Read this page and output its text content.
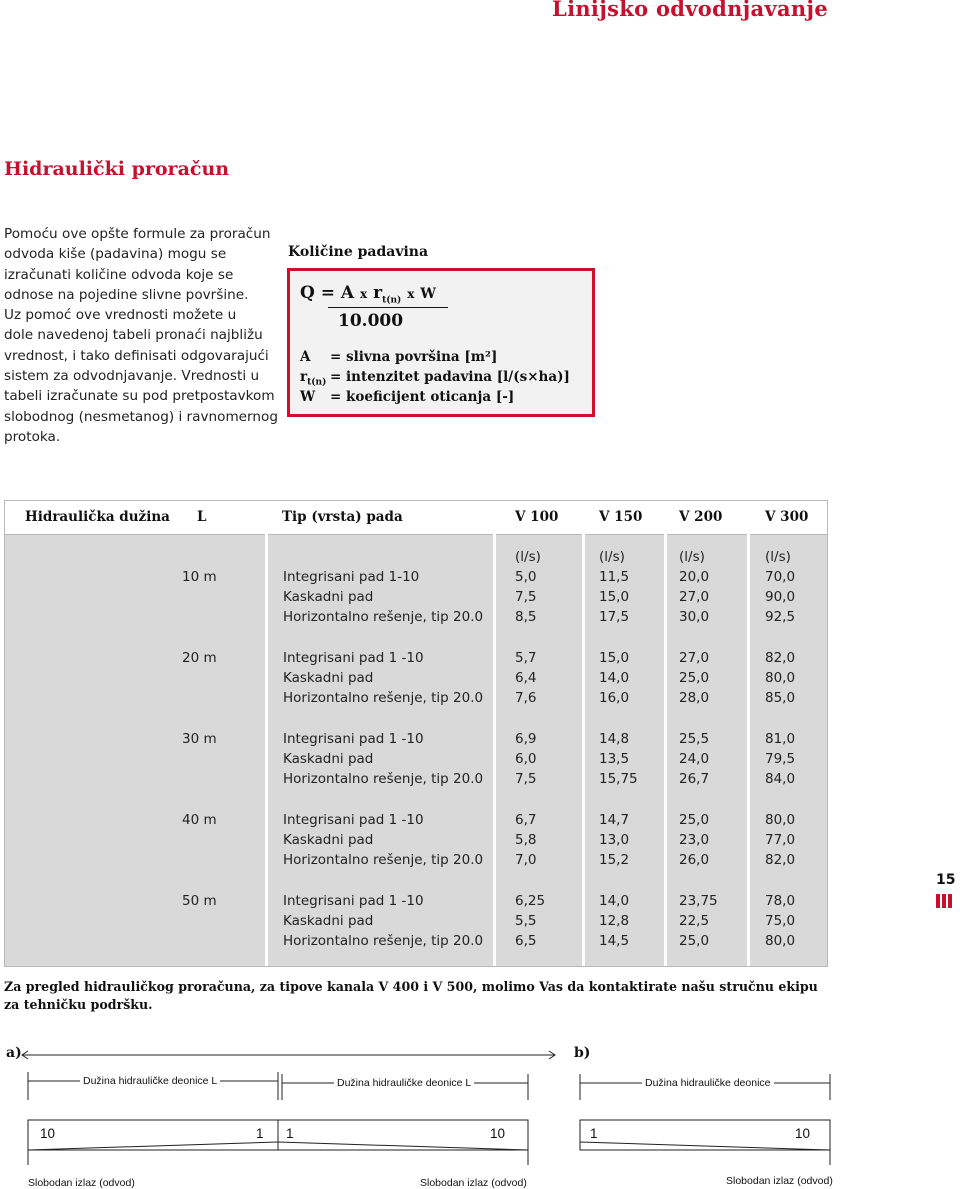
Linijsko odvodnjavanje
Hidraulički proračun
Pomoću ove opšte formule za proračun
odvoda kiše (padavina) mogu se
izračunati količine odvoda koje se
odnose na pojedine slivne površine.
Uz pomoć ove vrednosti možete u
dole navedenoj tabeli pronaći najbližu
vrednost, i tako definisati odgovarajući
sistem za odvodnjavanje. Vrednosti u
tabeli izračunate su pod pretpostavkom
slobodnog (nesmetanog) i ravnomernog
protoka.
Količine padavina
Q = A x $r_{t(n)}$ x W
10.000
A = slivna površina [m²]
$r_{t(n)}$ = intenzitet padavina [l/(s×ha)]
W = koeficijent oticanja [-]
Hidraulička dužina L	Tip (vrsta) pada	V 100	V 150	V 200	V 300
(l/s)	(l/s)	(l/s)	(l/s)
10 m	Integrisani pad 1-10	5,0	11,5	20,0	70,0
Kaskadni pad	7,5	15,0	27,0	90,0
Horizontalno rešenje, tip 20.0 8,5	17,5	30,0	92,5
20 m	Integrisani pad 1 -10	5,7	15,0	27,0	82,0
Kaskadni pad	6,4	14,0	25,0	80,0
Horizontalno rešenje, tip 20.0 7,6	16,0	28,0	85,0
30 m	Integrisani pad 1 -10	6,9	14,8	25,5	81,0
Kaskadni pad	6,0	13,5	24,0	79,5
Horizontalno rešenje, tip 20.0 7,5	15,75	26,7	84,0
40 m	Integrisani pad 1 -10	6,7	14,7	25,0	80,0
Kaskadni pad	5,8	13,0	23,0	77,0
Horizontalno rešenje, tip 20.0 7,0	15,2	26,0	82,0
50 m	Integrisani pad 1 -10	6,25	14,0	23,75	78,0
Kaskadni pad	5,5	12,8	22,5	75,0
Horizontalno rešenje, tip 20.0 6,5	14,5	25,0	80,0
Za pregled hidrauličkog proračuna, za tipove kanala V 400 i V 500, molimo Vas da kontaktirate našu stručnu ekipu za tehničku podršku.
15
a)	b)
Dužina hidrauličke deonice L	Dužina hidrauličke deonice L	Dužina hidrauličke deonice
10	1 1	10	1	10
Slobodan izlaz (odvod)	Slobodan izlaz (odvod)	Slobodan izlaz (odvod)
